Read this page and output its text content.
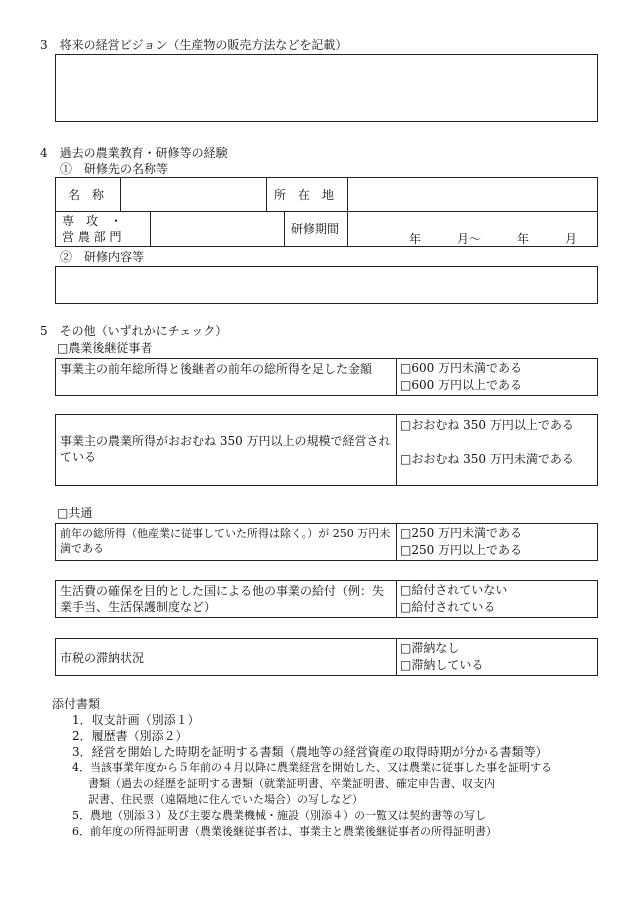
3　将来の経営ビジョン（生産物の販売方法などを記載）
4　過去の農業教育・研修等の経験
①　研修先の名称等
名　称	所　在　地
専　攻　・
営 農 部 門
研修期間
年　　　月～　　　年　　　月
②　研修内容等
5　その他（いずれかにチェック）
□農業後継従事者
事業主の前年総所得と後継者の前年の総所得を足した金額	□600 万円未満である
□600 万円以上である
事業主の農業所得がおおむね 350 万円以上の規模で経営されている
□おおむね 350 万円以上である
□おおむね 350 万円未満である
□共通
前年の総所得（他産業に従事していた所得は除く。）が 250 万円未満である
□250 万円未満である
□250 万円以上である
生活費の確保を目的とした国による他の事業の給付（例：失業手当、生活保護制度など）
□給付されていない
□給付されている
市税の滞納状況
□滞納なし
□滞納している
添付書類
1．収支計画（別添１）
2．履歴書（別添２）
3．経営を開始した時期を証明する書類（農地等の経営資産の取得時期が分かる書類等）
4．当該事業年度から５年前の４月以降に農業経営を開始した、又は農業に従事した事を証明する
書類（過去の経歴を証明する書類（就業証明書、卒業証明書、確定申告書、収支内
訳書、住民票（遠隔地に住んでいた場合）の写しなど）
5．農地（別添３）及び主要な農業機械・施設（別添４）の一覧又は契約書等の写し
6．前年度の所得証明書（農業後継従事者は、事業主と農業後継従事者の所得証明書）
